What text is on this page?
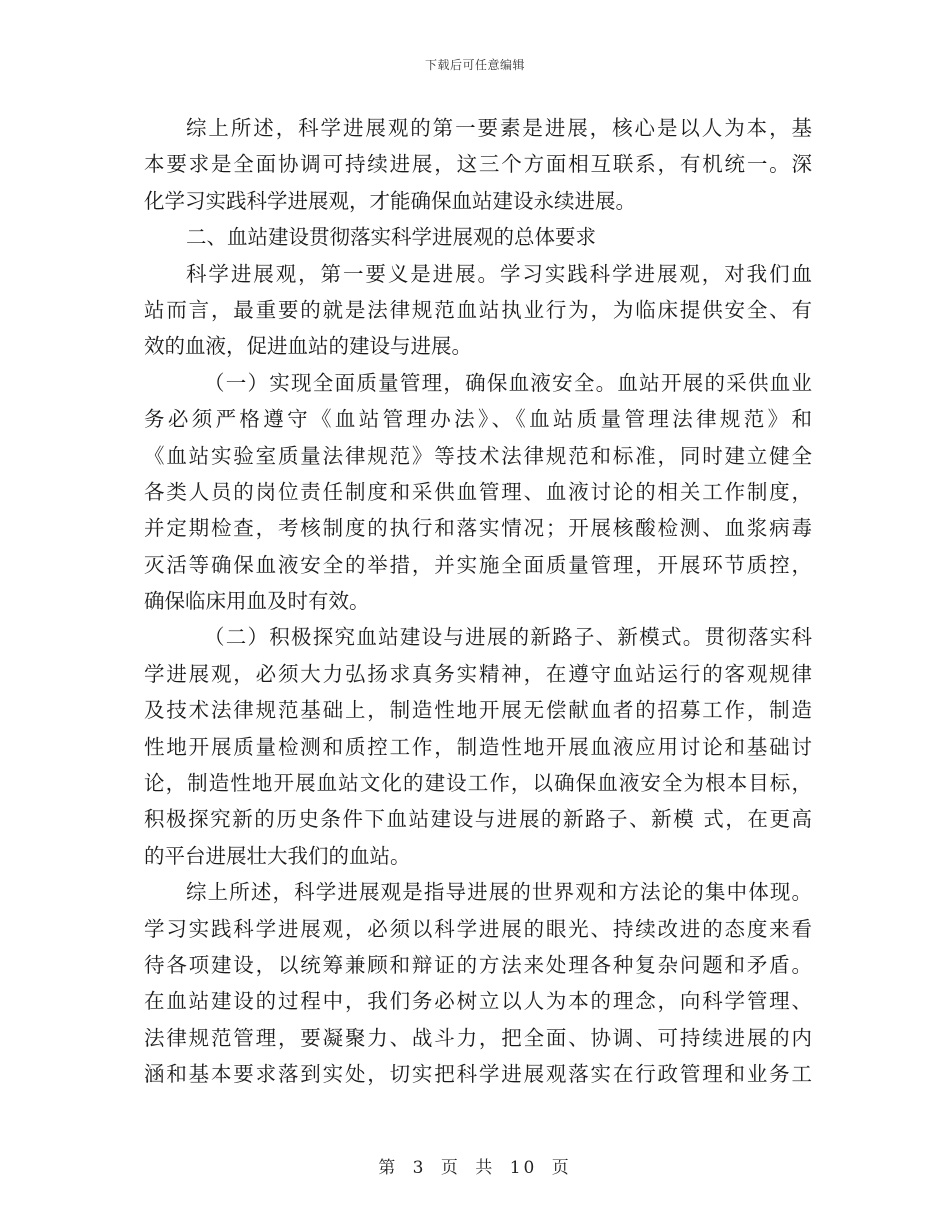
下载后可任意编辑
综上所述，科学进展观的第一要素是进展，核心是以人为本，基
本要求是全面协调可持续进展，这三个方面相互联系，有机统一。深
化学习实践科学进展观，才能确保血站建设永续进展。
二、血站建设贯彻落实科学进展观的总体要求
科学进展观，第一要义是进展。学习实践科学进展观，对我们血
站而言，最重要的就是法律规范血站执业行为，为临床提供安全、有
效的血液，促进血站的建设与进展。
（一）实现全面质量管理，确保血液安全。血站开展的采供血业
务必须严格遵守《血站管理办法》、《血站质量管理法律规范》和
《血站实验室质量法律规范》等技术法律规范和标准，同时建立健全
各类人员的岗位责任制度和采供血管理、血液讨论的相关工作制度，
并定期检查，考核制度的执行和落实情况；开展核酸检测、血浆病毒
灭活等确保血液安全的举措，并实施全面质量管理，开展环节质控，
确保临床用血及时有效。
（二）积极探究血站建设与进展的新路子、新模式。贯彻落实科
学进展观，必须大力弘扬求真务实精神，在遵守血站运行的客观规律
及技术法律规范基础上，制造性地开展无偿献血者的招募工作，制造
性地开展质量检测和质控工作，制造性地开展血液应用讨论和基础讨
论，制造性地开展血站文化的建设工作，以确保血液安全为根本目标，
积极探究新的历史条件下血站建设与进展的新路子、新模 式，在更高
的平台进展壮大我们的血站。
综上所述，科学进展观是指导进展的世界观和方法论的集中体现。
学习实践科学进展观，必须以科学进展的眼光、持续改进的态度来看
待各项建设，以统筹兼顾和辩证的方法来处理各种复杂问题和矛盾。
在血站建设的过程中，我们务必树立以人为本的理念，向科学管理、
法律规范管理，要凝聚力、战斗力，把全面、协调、可持续进展的内
涵和基本要求落到实处，切实把科学进展观落实在行政管理和业务工
第 3 页 共 10 页
